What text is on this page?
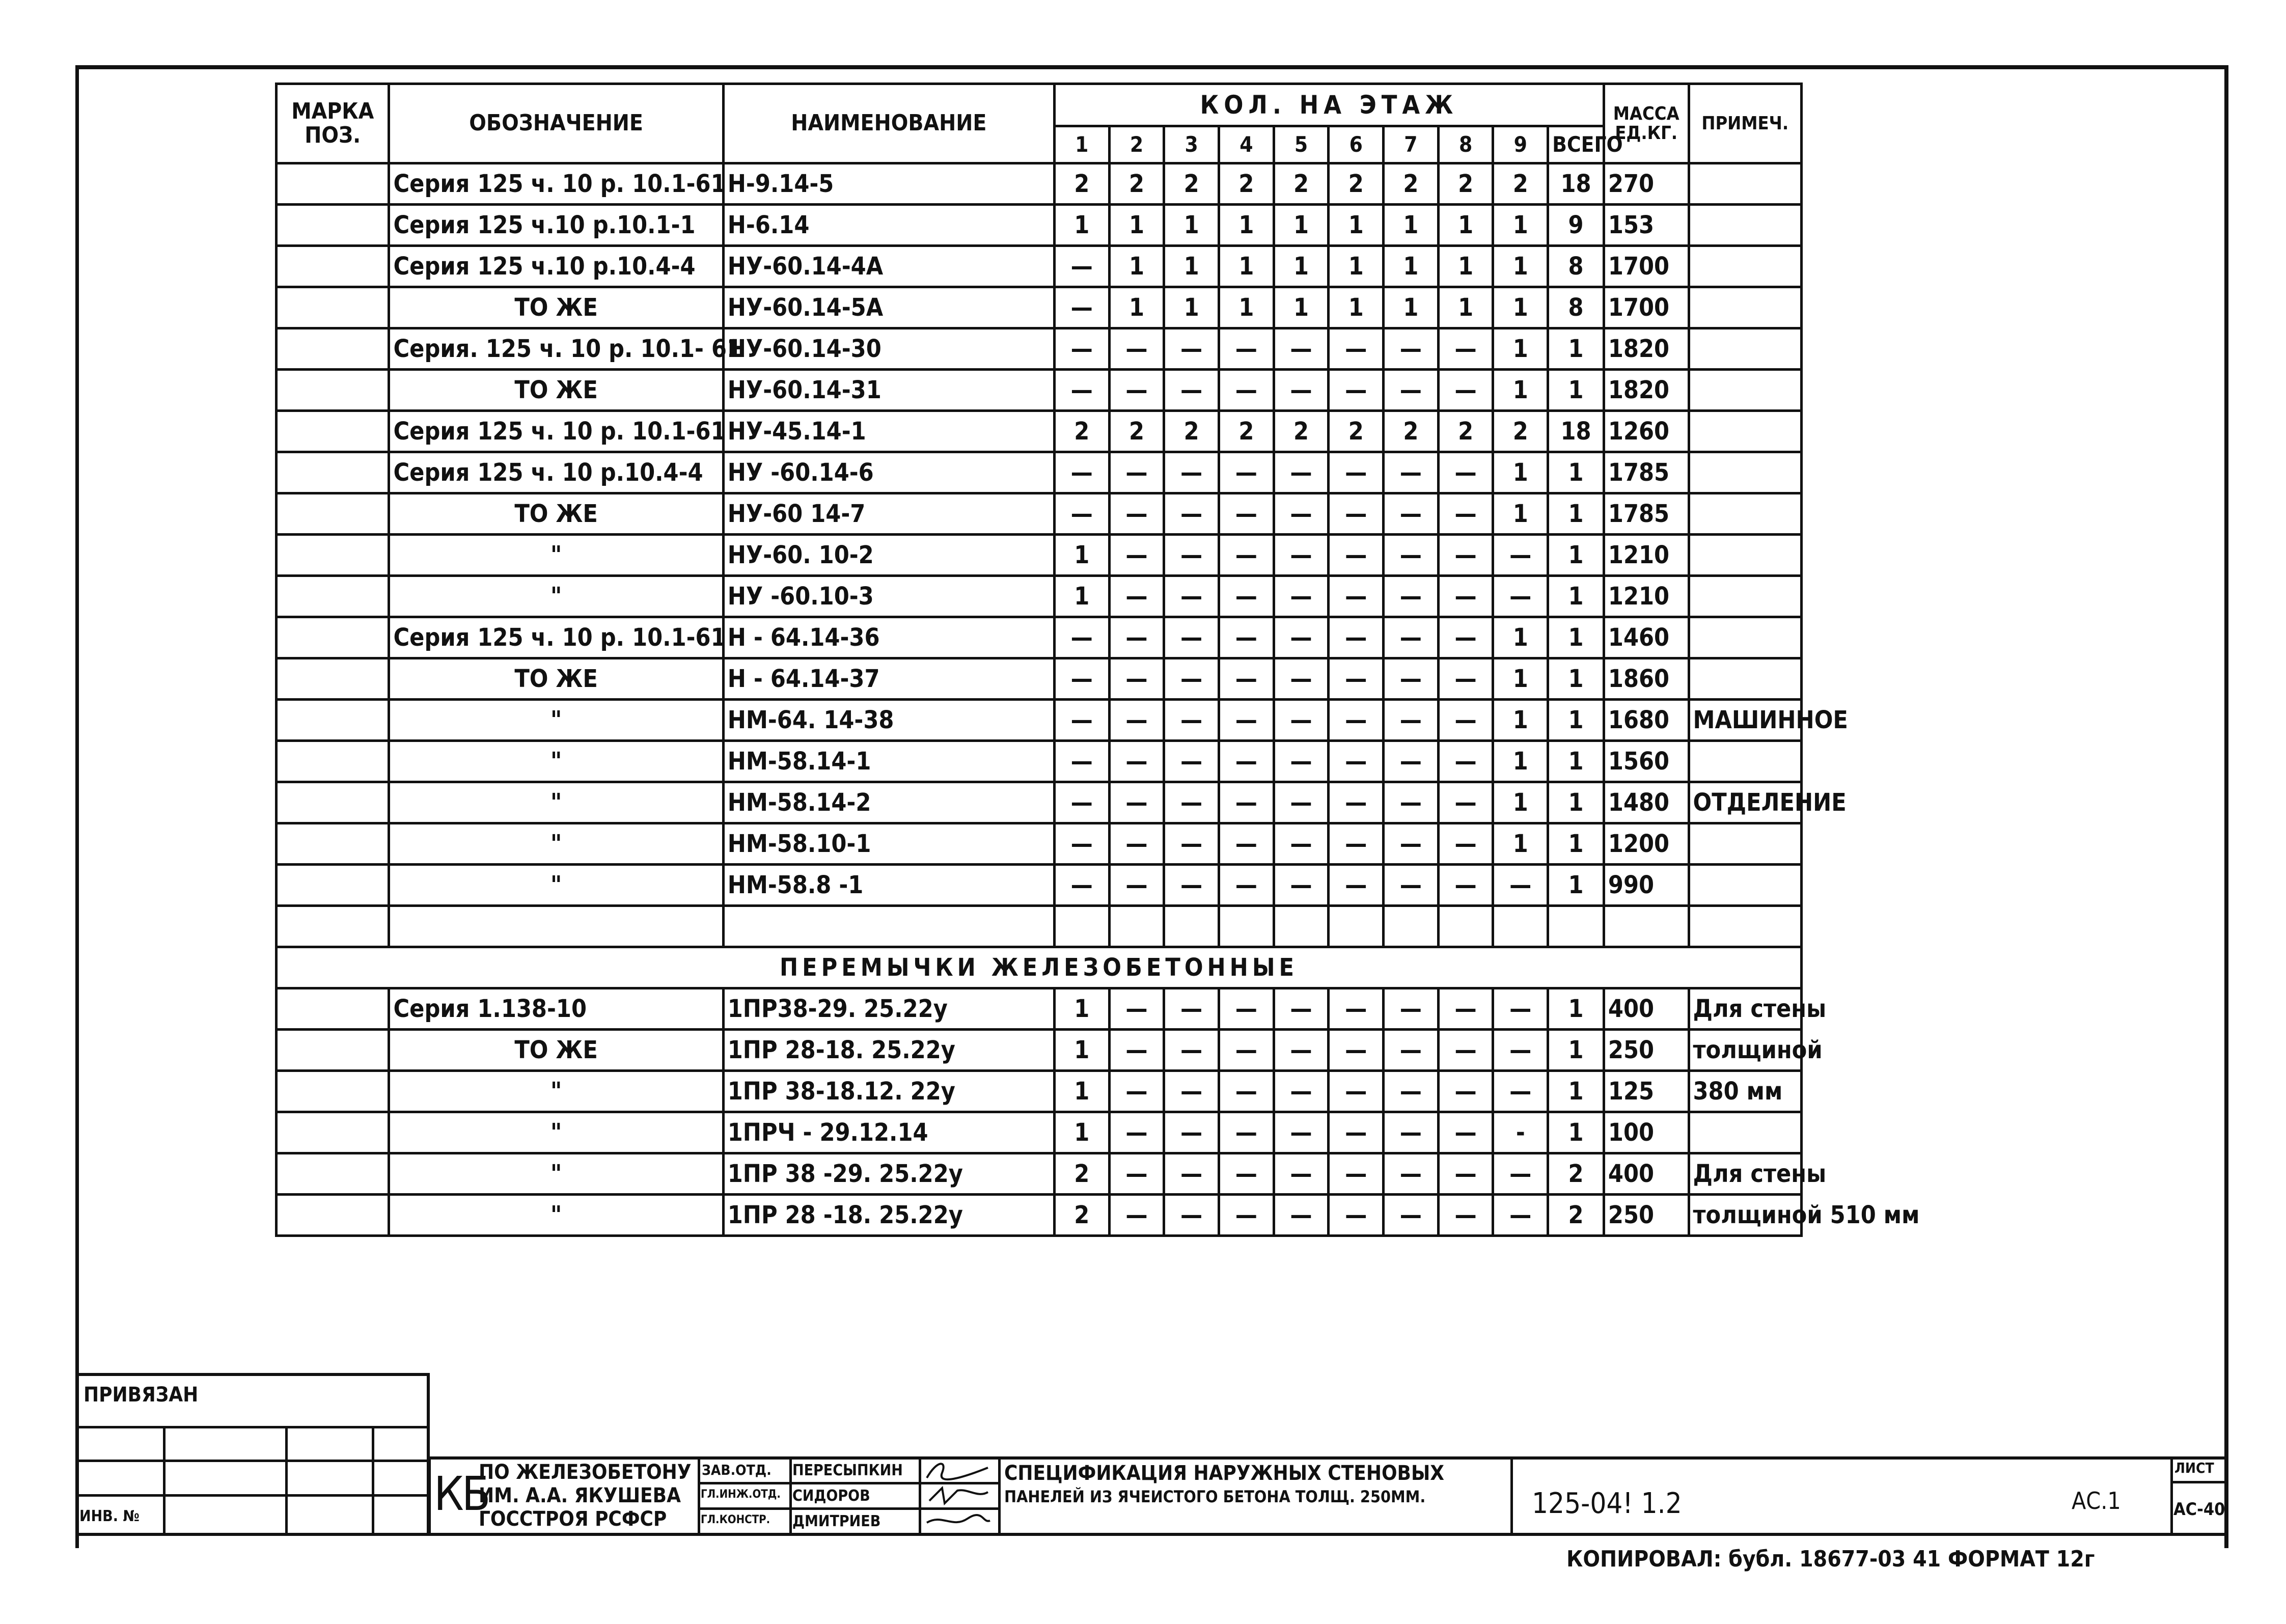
МАРКА
ПОЗ.	ОБОЗНАЧЕНИЕ	НАИМЕНОВАНИЕ	КОЛ. НА ЭТАЖ										МАССА
ЕД.КГ.	ПРИМЕЧ.
			1	2	3	4	5	6	7	8	9	ВСЕГО		
	Серия 125 ч. 10 р. 10.1-61	Н-9.14-5	2	2	2	2	2	2	2	2	2	18	270	
	Серия 125 ч.10 р.10.1-1	Н-6.14	1	1	1	1	1	1	1	1	1	9	153	
	Серия 125 ч.10 р.10.4-4	НУ-60.14-4А	—	1	1	1	1	1	1	1	1	8	1700	
	ТО ЖЕ	НУ-60.14-5А	—	1	1	1	1	1	1	1	1	8	1700	
	Серия. 125 ч. 10 р. 10.1- 61	НУ-60.14-30	—	—	—	—	—	—	—	—	1	1	1820	
	ТО ЖЕ	НУ-60.14-31	—	—	—	—	—	—	—	—	1	1	1820	
	Серия 125 ч. 10 р. 10.1-61	НУ-45.14-1	2	2	2	2	2	2	2	2	2	18	1260	
	Серия 125 ч. 10 р.10.4-4	НУ -60.14-6	—	—	—	—	—	—	—	—	1	1	1785	
	ТО ЖЕ	НУ-60 14-7	—	—	—	—	—	—	—	—	1	1	1785	
	"	НУ-60. 10-2	1	—	—	—	—	—	—	—	—	1	1210	
	"	НУ -60.10-3	1	—	—	—	—	—	—	—	—	1	1210	
	Серия 125 ч. 10 р. 10.1-61	Н - 64.14-36	—	—	—	—	—	—	—	—	1	1	1460	
	ТО ЖЕ	Н - 64.14-37	—	—	—	—	—	—	—	—	1	1	1860	
	"	НМ-64. 14-38	—	—	—	—	—	—	—	—	1	1	1680	МАШИННОЕ
	"	НМ-58.14-1	—	—	—	—	—	—	—	—	1	1	1560	
	"	НМ-58.14-2	—	—	—	—	—	—	—	—	1	1	1480	ОТДЕЛЕНИЕ
	"	НМ-58.10-1	—	—	—	—	—	—	—	—	1	1	1200	
	"	НМ-58.8 -1	—	—	—	—	—	—	—	—	—	1	990	

ПЕРЕМЫЧКИ ЖЕЛЕЗОБЕТОННЫЕ														
	Серия 1.138-10	1ПР38-29. 25.22у	1	—	—	—	—	—	—	—	—	1	400	Для стены
	ТО ЖЕ	1ПР 28-18. 25.22у	1	—	—	—	—	—	—	—	—	1	250	толщиной
	"	1ПР 38-18.12. 22у	1	—	—	—	—	—	—	—	—	1	125	380 мм
	"	1ПРЧ - 29.12.14	1	—	—	—	—	—	—	—	-	1	100	
	"	1ПР 38 -29. 25.22у	2	—	—	—	—	—	—	—	—	2	400	Для стены
	"	1ПР 28 -18. 25.22у	2	—	—	—	—	—	—	—	—	2	250	толщиной 510 мм
ПРИВЯЗАН
ИНВ. №	КБ
ПО ЖЕЛЕЗОБЕТОНУ
ИМ. А.А. ЯКУШЕВА
ГОССТРОЯ РСФСР
ЗАВ.ОТД.
ГЛ.ИНЖ.ОТД.
ГЛ.КОНСТР.
ПЕРЕСЫПКИН
СИДОРОВ
ДМИТРИЕВ
СПЕЦИФИКАЦИЯ НАРУЖНЫХ СТЕНОВЫХ
ПАНЕЛЕЙ ИЗ ЯЧЕИСТОГО БЕТОНА ТОЛЩ. 250ММ.	125-04! 1.2	АС.1
ЛИСТ
АС-40
КОПИРОВАЛ: бубл. 18677-03 41 ФОРМАТ 12г
